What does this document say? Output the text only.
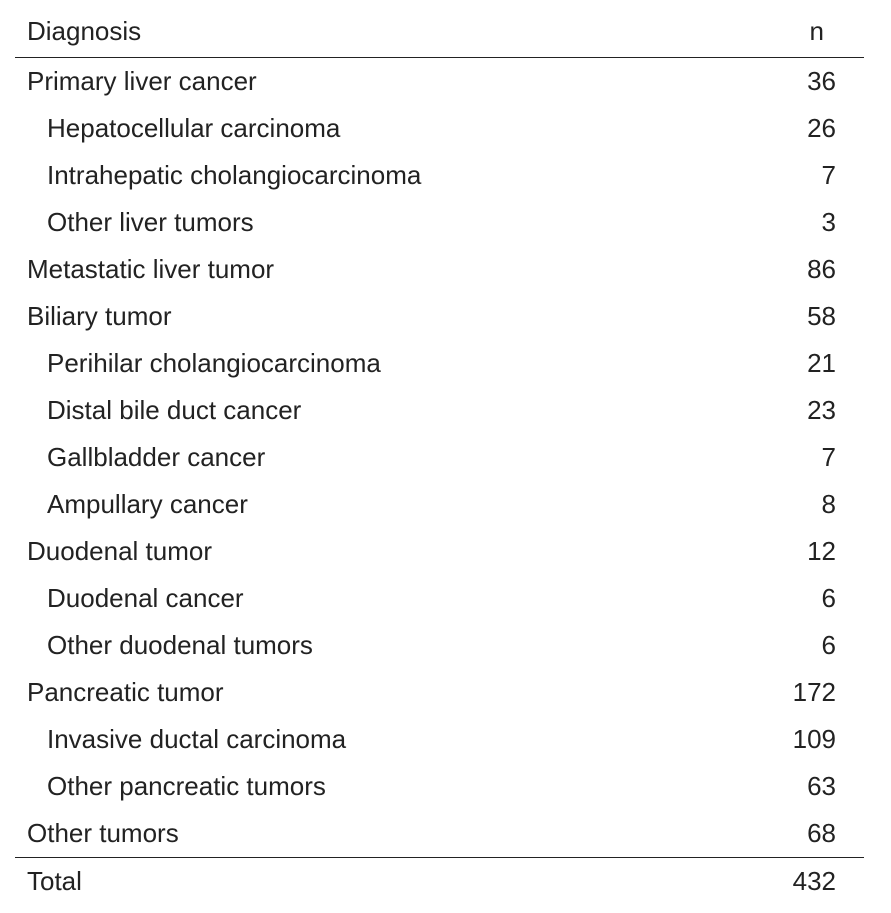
Diagnosis	n
Primary liver cancer	36
Hepatocellular carcinoma	26
Intrahepatic cholangiocarcinoma	7
Other liver tumors	3
Metastatic liver tumor	86
Biliary tumor	58
Perihilar cholangiocarcinoma	21
Distal bile duct cancer	23
Gallbladder cancer	7
Ampullary cancer	8
Duodenal tumor	12
Duodenal cancer	6
Other duodenal tumors	6
Pancreatic tumor	172
Invasive ductal carcinoma	109
Other pancreatic tumors	63
Other tumors	68
Total	432
